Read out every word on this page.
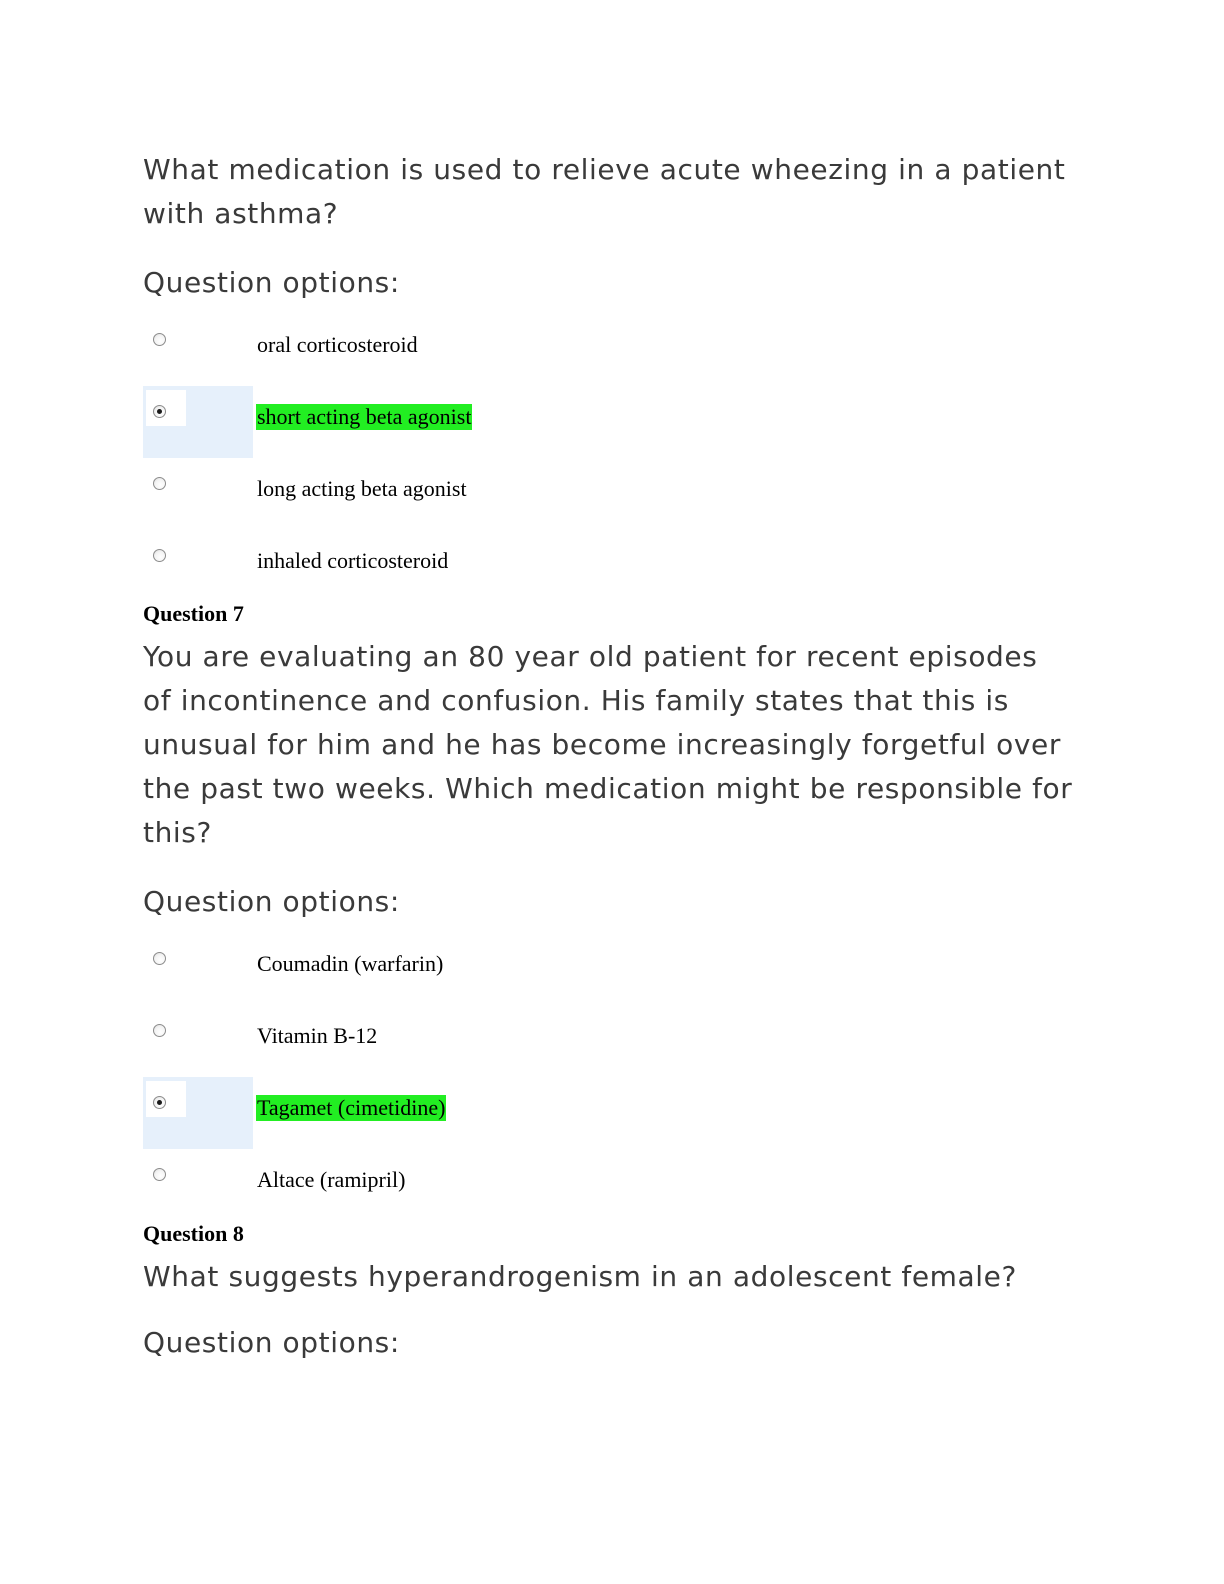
What medication is used to relieve acute wheezing in a patient with asthma?

Question options:

oral corticosteroid
short acting beta agonist
long acting beta agonist
inhaled corticosteroid

Question 7

You are evaluating an 80 year old patient for recent episodes of incontinence and confusion. His family states that this is unusual for him and he has become increasingly forgetful over the past two weeks. Which medication might be responsible for this?

Question options:

Coumadin (warfarin)
Vitamin B-12
Tagamet (cimetidine)
Altace (ramipril)

Question 8

What suggests hyperandrogenism in an adolescent female?

Question options:
